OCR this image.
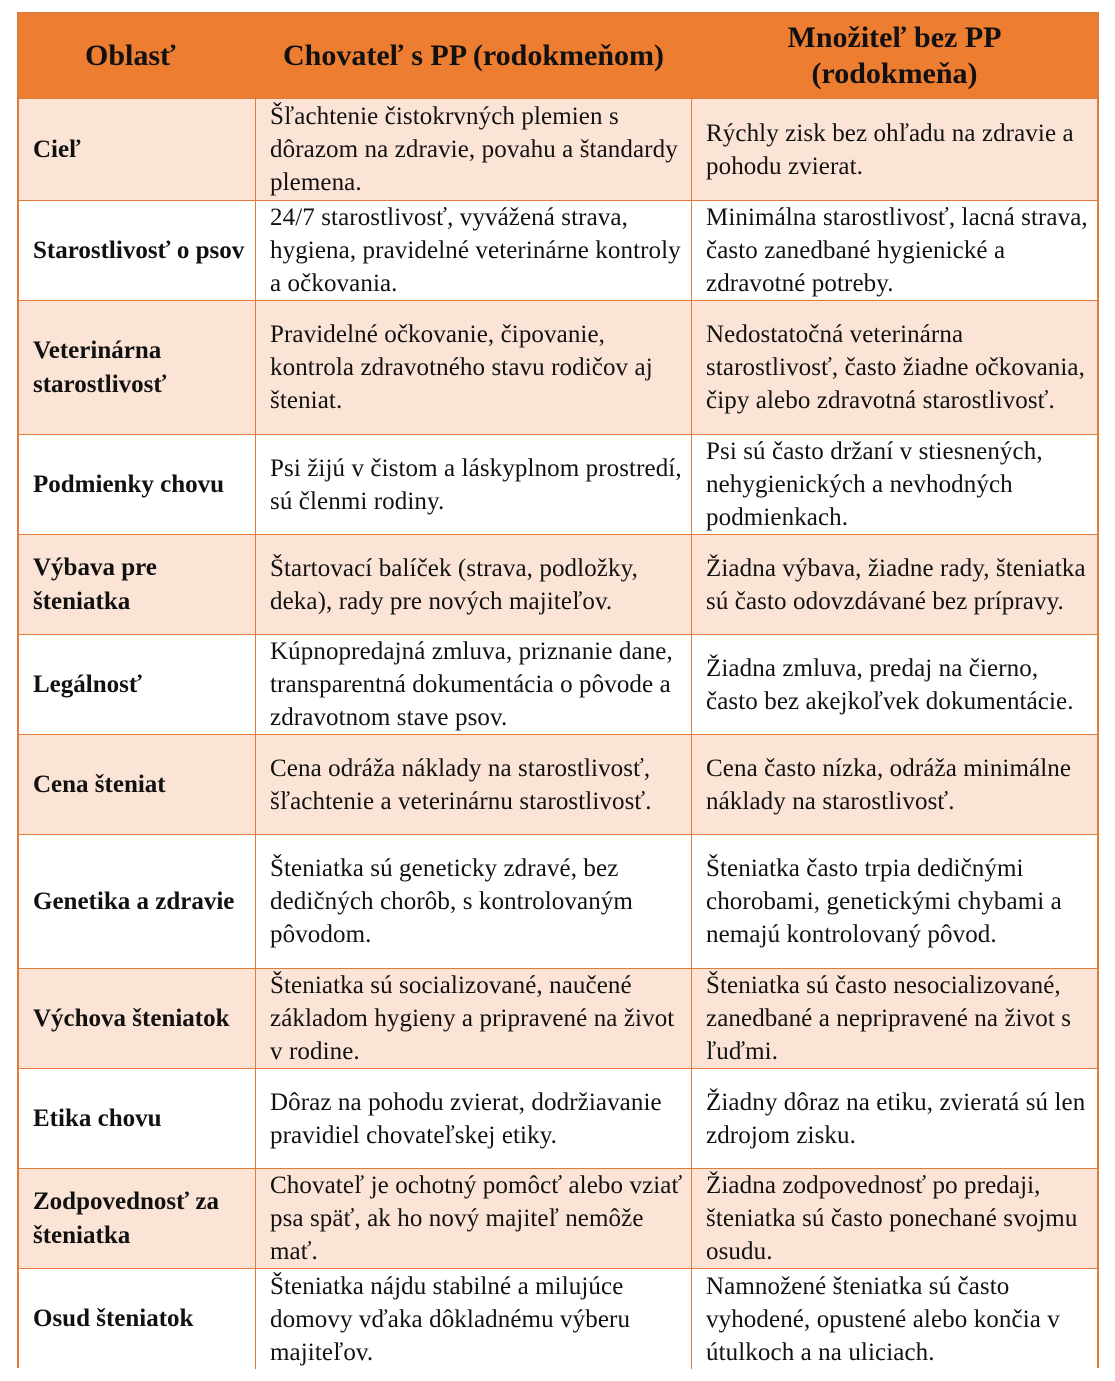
Oblasť	Chovateľ s PP (rodokmeňom)
Množiteľ bez PP (rodokmeňa)
Cieľ
Šľachtenie čistokrvných plemien s dôrazom na zdravie, povahu a štandardy plemena.
Rýchly zisk bez ohľadu na zdravie a pohodu zvierat.
Starostlivosť o psov
24/7 starostlivosť, vyvážená strava, hygiena, pravidelné veterinárne kontroly a očkovania.
Minimálna starostlivosť, lacná strava, často zanedbané hygienické a zdravotné potreby.
Veterinárna starostlivosť
Pravidelné očkovanie, čipovanie, kontrola zdravotného stavu rodičov aj šteniat.
Nedostatočná veterinárna starostlivosť, často žiadne očkovania, čipy alebo zdravotná starostlivosť.
Podmienky chovu
Psi žijú v čistom a láskyplnom prostredí, sú členmi rodiny.
Psi sú často držaní v stiesnených, nehygienických a nevhodných podmienkach.
Výbava pre šteniatka
Štartovací balíček (strava, podložky, deka), rady pre nových majiteľov.
Žiadna výbava, žiadne rady, šteniatka sú často odovzdávané bez prípravy.
Legálnosť
Kúpnopredajná zmluva, priznanie dane, transparentná dokumentácia o pôvode a zdravotnom stave psov.
Žiadna zmluva, predaj na čierno, často bez akejkoľvek dokumentácie.
Cena šteniat
Cena odráža náklady na starostlivosť, šľachtenie a veterinárnu starostlivosť.
Cena často nízka, odráža minimálne náklady na starostlivosť.
Genetika a zdravie
Šteniatka sú geneticky zdravé, bez dedičných chorôb, s kontrolovaným pôvodom.
Šteniatka často trpia dedičnými chorobami, genetickými chybami a nemajú kontrolovaný pôvod.
Výchova šteniatok
Šteniatka sú socializované, naučené základom hygieny a pripravené na život v rodine.
Šteniatka sú často nesocializované, zanedbané a nepripravené na život s ľuďmi.
Etika chovu
Dôraz na pohodu zvierat, dodržiavanie pravidiel chovateľskej etiky.
Žiadny dôraz na etiku, zvieratá sú len zdrojom zisku.
Zodpovednosť za šteniatka
Chovateľ je ochotný pomôcť alebo vziať psa späť, ak ho nový majiteľ nemôže mať.
Žiadna zodpovednosť po predaji, šteniatka sú často ponechané svojmu osudu.
Osud šteniatok
Šteniatka nájdu stabilné a milujúce domovy vďaka dôkladnému výberu majiteľov.
Namnožené šteniatka sú často vyhodené, opustené alebo končia v útulkoch a na uliciach.
